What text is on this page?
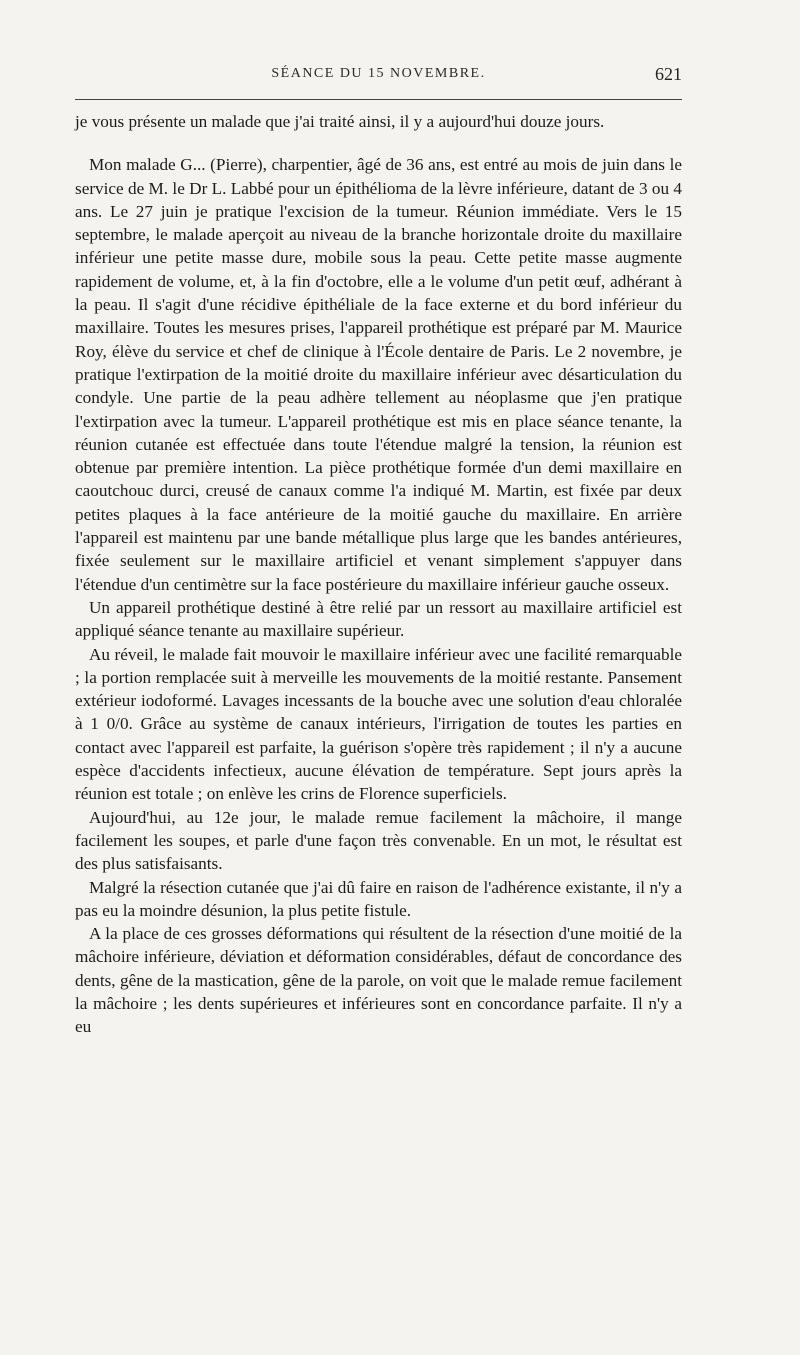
SÉANCE DU 15 NOVEMBRE.	621

je vous présente un malade que j'ai traité ainsi, il y a aujourd'hui douze jours.

Mon malade G... (Pierre), charpentier, âgé de 36 ans, est entré au mois de juin dans le service de M. le Dr L. Labbé pour un épithélioma de la lèvre inférieure, datant de 3 ou 4 ans. Le 27 juin je pratique l'excision de la tumeur. Réunion immédiate. Vers le 15 septembre, le malade aperçoit au niveau de la branche horizontale droite du maxillaire inférieur une petite masse dure, mobile sous la peau. Cette petite masse augmente rapidement de volume, et, à la fin d'octobre, elle a le volume d'un petit œuf, adhérant à la peau. Il s'agit d'une récidive épithéliale de la face externe et du bord inférieur du maxillaire. Toutes les mesures prises, l'appareil prothétique est préparé par M. Maurice Roy, élève du service et chef de clinique à l'École dentaire de Paris. Le 2 novembre, je pratique l'extirpation de la moitié droite du maxillaire inférieur avec désarticulation du condyle. Une partie de la peau adhère tellement au néoplasme que j'en pratique l'extirpation avec la tumeur. L'appareil prothétique est mis en place séance tenante, la réunion cutanée est effectuée dans toute l'étendue malgré la tension, la réunion est obtenue par première intention. La pièce prothétique formée d'un demi maxillaire en caoutchouc durci, creusé de canaux comme l'a indiqué M. Martin, est fixée par deux petites plaques à la face antérieure de la moitié gauche du maxillaire. En arrière l'appareil est maintenu par une bande métallique plus large que les bandes antérieures, fixée seulement sur le maxillaire artificiel et venant simplement s'appuyer dans l'étendue d'un centimètre sur la face postérieure du maxillaire inférieur gauche osseux.

Un appareil prothétique destiné à être relié par un ressort au maxillaire artificiel est appliqué séance tenante au maxillaire supérieur.

Au réveil, le malade fait mouvoir le maxillaire inférieur avec une facilité remarquable ; la portion remplacée suit à merveille les mouvements de la moitié restante. Pansement extérieur iodoformé. Lavages incessants de la bouche avec une solution d'eau chloralée à 1 0/0. Grâce au système de canaux intérieurs, l'irrigation de toutes les parties en contact avec l'appareil est parfaite, la guérison s'opère très rapidement ; il n'y a aucune espèce d'accidents infectieux, aucune élévation de température. Sept jours après la réunion est totale ; on enlève les crins de Florence superficiels.

Aujourd'hui, au 12e jour, le malade remue facilement la mâchoire, il mange facilement les soupes, et parle d'une façon très convenable. En un mot, le résultat est des plus satisfaisants.

Malgré la résection cutanée que j'ai dû faire en raison de l'adhérence existante, il n'y a pas eu la moindre désunion, la plus petite fistule.

A la place de ces grosses déformations qui résultent de la résection d'une moitié de la mâchoire inférieure, déviation et déformation considérables, défaut de concordance des dents, gêne de la mastication, gêne de la parole, on voit que le malade remue facilement la mâchoire ; les dents supérieures et inférieures sont en concordance parfaite. Il n'y a eu
